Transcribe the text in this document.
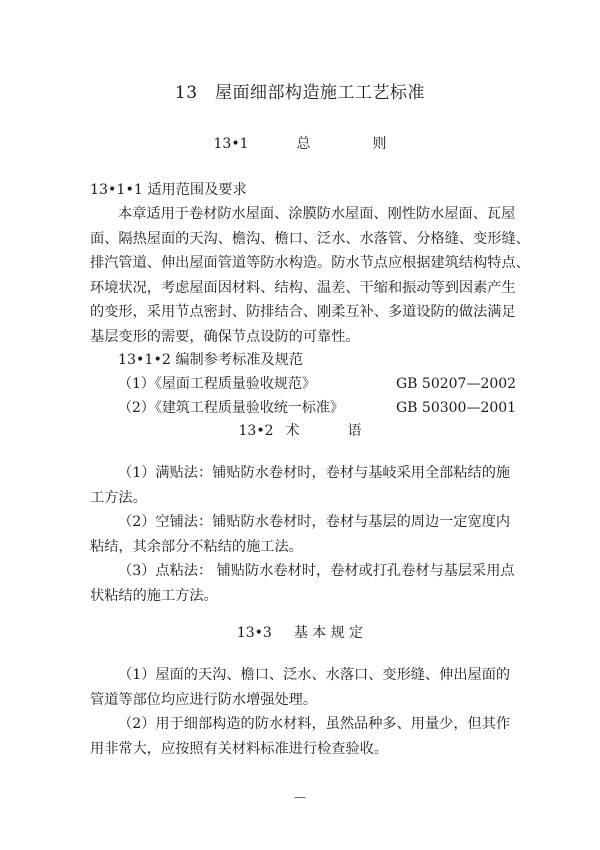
13　屋面细部构造施工工艺标准
13•1	总	则
13•1•1 适用范围及要求
本章适用于卷材防水屋面、涂膜防水屋面、刚性防水屋面、瓦屋
面、隔热屋面的天沟、檐沟、檐口、泛水、水落管、分格缝、变形缝、
排汽管道、伸出屋面管道等防水构造。防水节点应根据建筑结构特点、
环境状况，考虑屋面因材料、结构、温差、干缩和振动等到因素产生
的变形，采用节点密封、防排结合、刚柔互补、多道设防的做法满足
基层变形的需要，确保节点设防的可靠性。
13•1•2 编制参考标准及规范
（1）《屋面工程质量验收规范》	GB 50207—2002
（2）《建筑工程质量验收统一标准》	GB 50300—2001
13•2 术	语
（1）满贴法：铺贴防水卷材时，卷材与基岐采用全部粘结的施
工方法。
（2）空铺法：铺贴防水卷材时，卷材与基层的周边一定宽度内
粘结，其余部分不粘结的施工法。
（3）点粘法： 铺贴防水卷材时，卷材或打孔卷材与基层采用点
状粘结的施工方法。
13•3 基 本 规 定
（1）屋面的天沟、檐口、泛水、水落口、变形缝、伸出屋面的
管道等部位均应进行防水增强处理。
（2）用于细部构造的防水材料，虽然品种多、用量少，但其作
用非常大，应按照有关材料标准进行检查验收。
—
